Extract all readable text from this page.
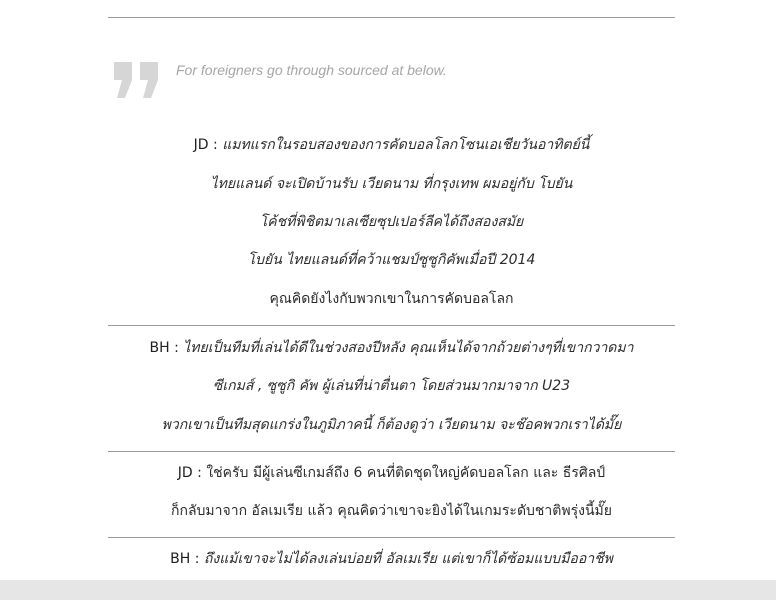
For foreigners go through sourced at below.
JD : แมทแรกในรอบสองของการคัดบอลโลกโซนเอเชียวันอาทิตย์นี้
ไทยแลนด์ จะเปิดบ้านรับ เวียดนาม ที่กรุงเทพ ผมอยู่กับ โบยัน
โค้ชที่พิชิตมาเลเซียซุปเปอร์ลีคได้ถึงสองสมัย
โบยัน ไทยแลนด์ที่คว้าแชมป์ซูซูกิคัพเมื่อปี 2014
คุณคิดยังไงกับพวกเขาในการคัดบอลโลก
BH : ไทยเป็นทีมที่เล่นได้ดีในช่วงสองปีหลัง คุณเห็นได้จากถ้วยต่างๆที่เขากวาดมา
ซีเกมส์ , ซูซูกิ คัพ ผู้เล่นที่น่าตื่นตา โดยส่วนมากมาจาก U23
พวกเขาเป็นทีมสุดแกร่งในภูมิภาคนี้ ก็ต้องดูว่า เวียดนาม จะช๊อคพวกเราได้มั๊ย
JD : ใช่ครับ มีผู้เล่นซีเกมส์ถึง 6 คนที่ติดชุดใหญ่คัดบอลโลก และ ธีรศิลป์
ก็กลับมาจาก อัลเมเรีย แล้ว คุณคิดว่าเขาจะยิงได้ในเกมระดับชาติพรุ่งนี้มั๊ย
BH : ถึงแม้เขาจะไม่ได้ลงเล่นบ่อยที่ อัลเมเรีย แต่เขาก็ได้ซ้อมแบบมืออาชีพ
